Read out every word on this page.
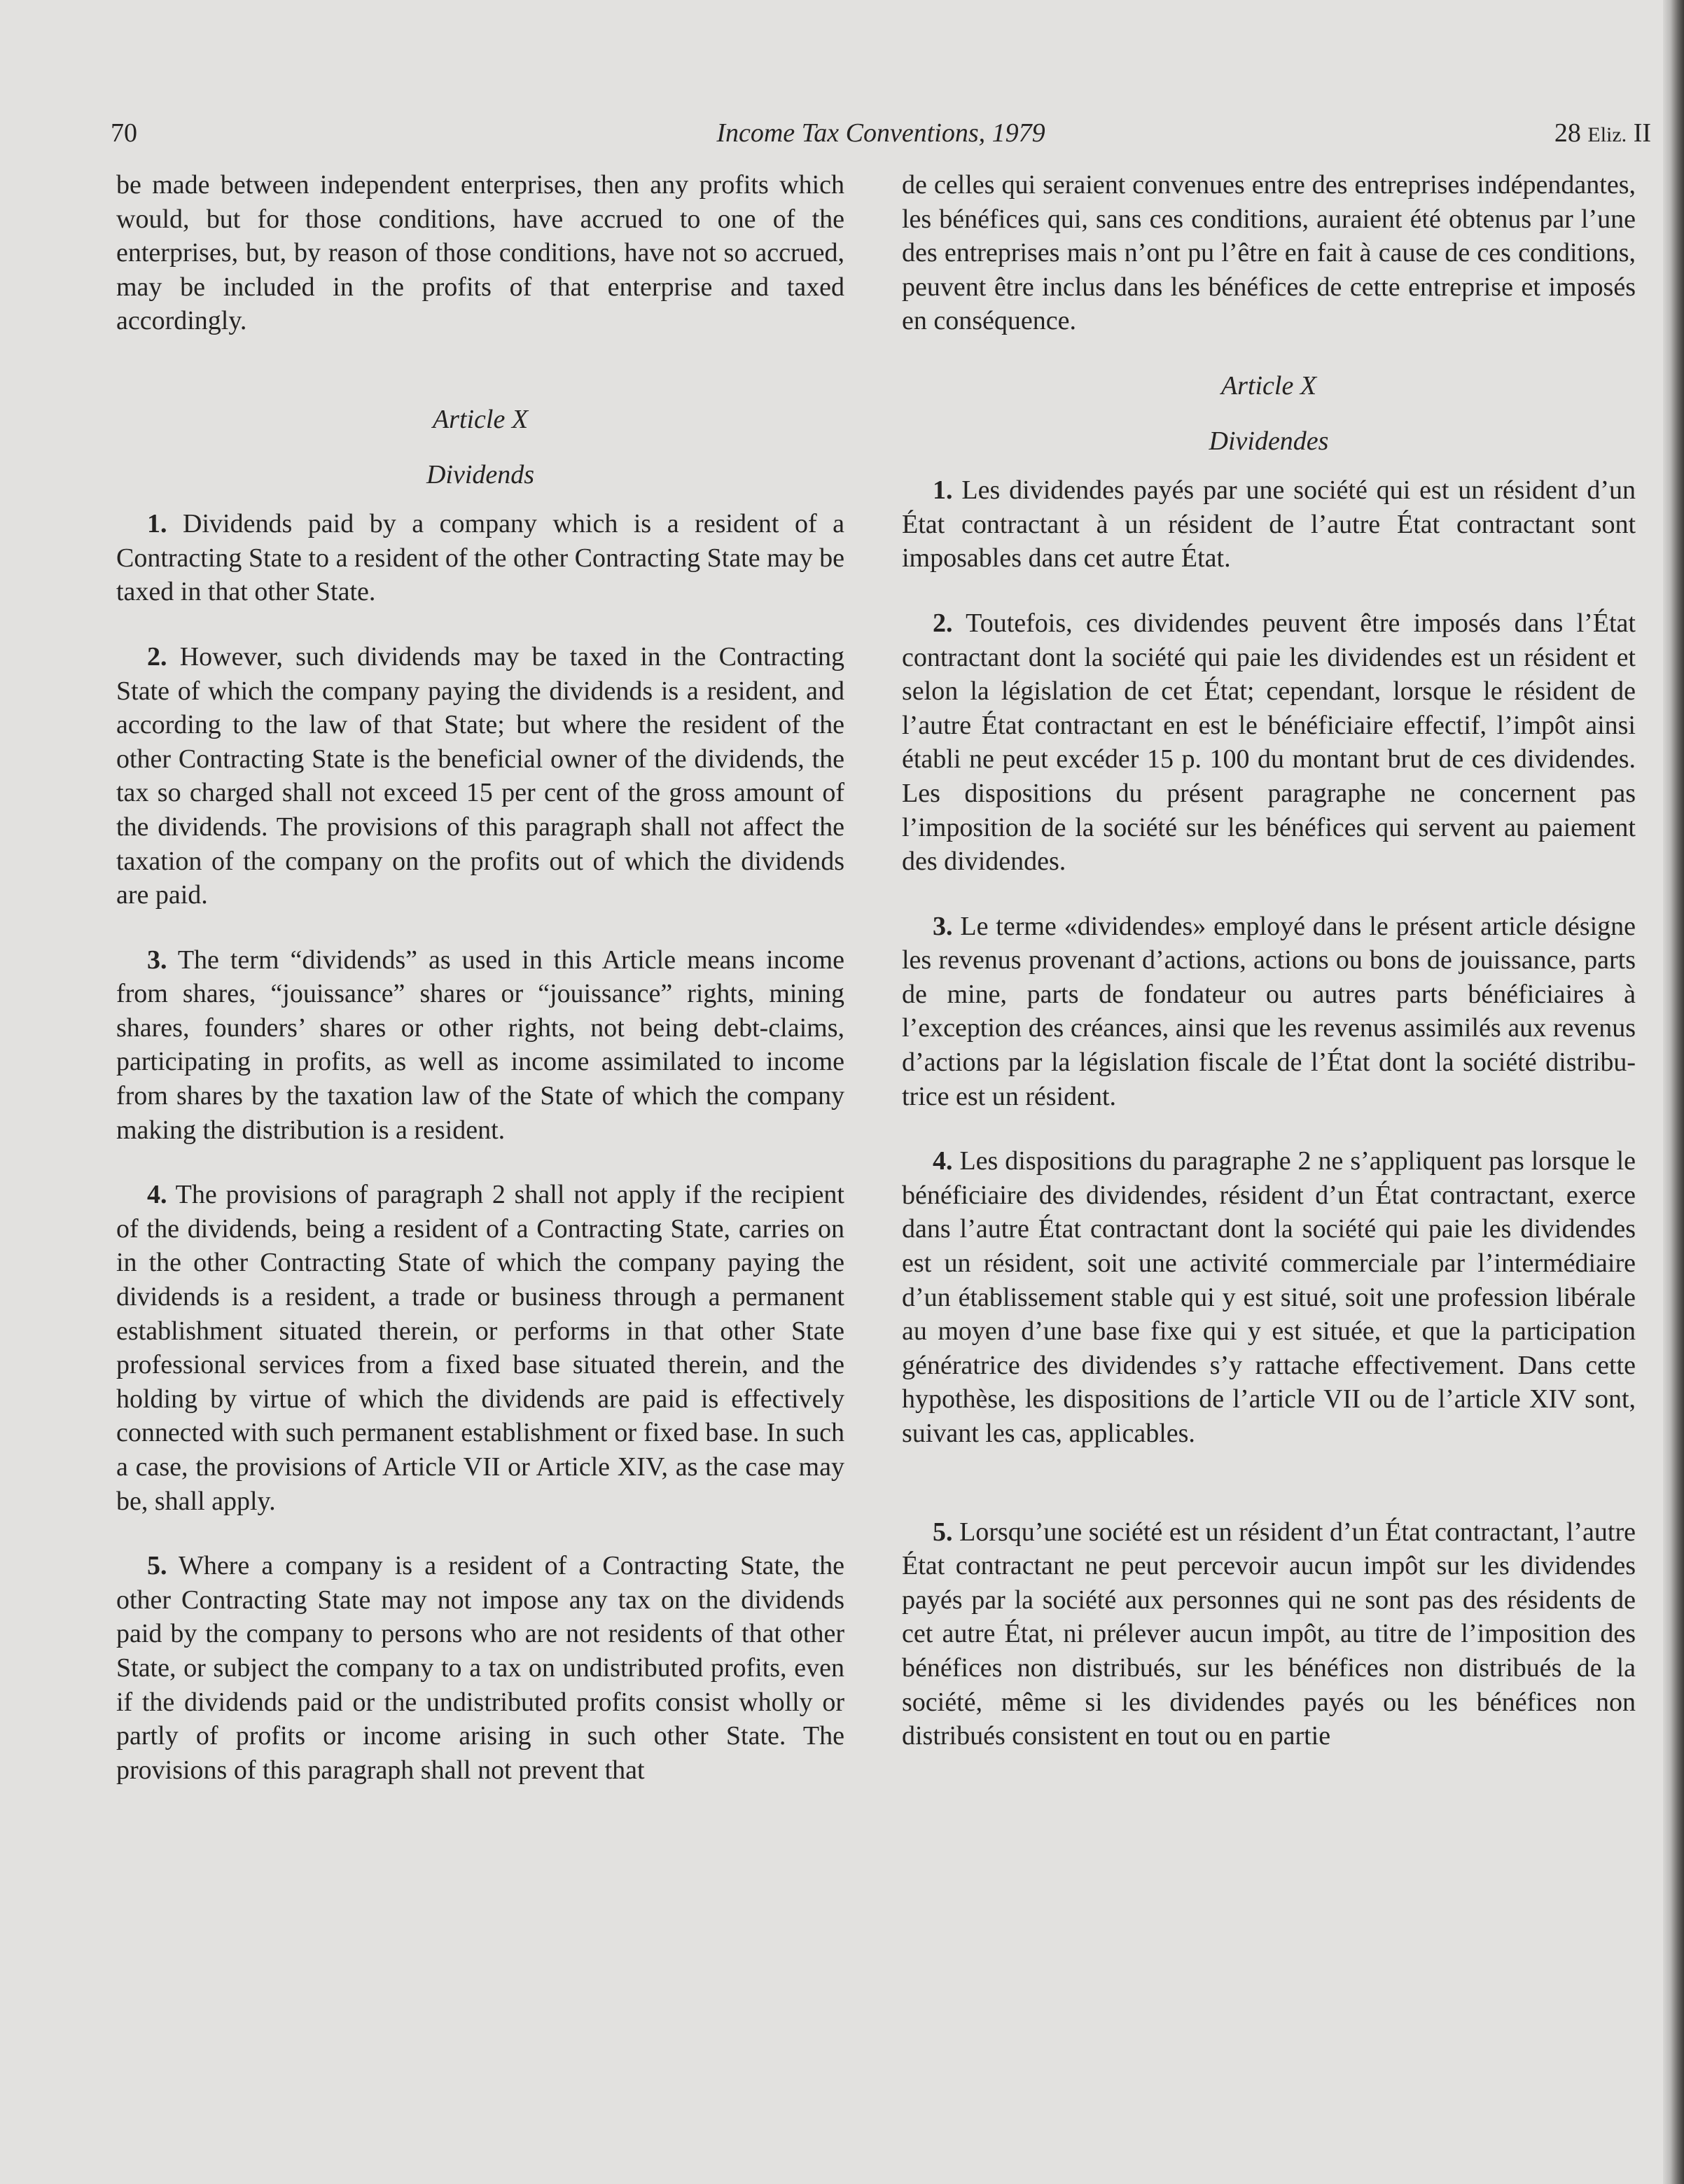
70	Income Tax Conventions, 1979	28 Eliz. II

be made between independent enterprises, then any profits which would, but for those conditions, have accrued to one of the enterprises, but, by reason of those conditions, have not so accrued, may be included in the profits of that enterprise and taxed accordingly.

Article X

Dividends

1. Dividends paid by a company which is a resident of a Contracting State to a resident of the other Contracting State may be taxed in that other State.

2. However, such dividends may be taxed in the Contracting State of which the company paying the dividends is a resident, and according to the law of that State; but where the resident of the other Contracting State is the beneficial owner of the dividends, the tax so charged shall not exceed 15 per cent of the gross amount of the dividends. The provisions of this paragraph shall not affect the taxation of the company on the profits out of which the dividends are paid.

3. The term “dividends” as used in this Article means income from shares, “jouissance” shares or “jouissance” rights, mining shares, founders’ shares or other rights, not being debt-claims, participating in profits, as well as income assimilated to income from shares by the taxation law of the State of which the company making the distribution is a resident.

4. The provisions of paragraph 2 shall not apply if the recipient of the dividends, being a resident of a Contracting State, carries on in the other Contracting State of which the company paying the dividends is a resident, a trade or business through a permanent establishment situated therein, or performs in that other State professional services from a fixed base situated therein, and the holding by virtue of which the dividends are paid is effectively connected with such permanent establishment or fixed base. In such a case, the provisions of Article VII or Article XIV, as the case may be, shall apply.

5. Where a company is a resident of a Contracting State, the other Contracting State may not impose any tax on the dividends paid by the company to persons who are not residents of that other State, or subject the company to a tax on undistributed profits, even if the dividends paid or the undistributed profits consist wholly or partly of profits or income arising in such other State. The provisions of this paragraph shall not prevent that

de celles qui seraient convenues entre des entreprises indépendantes, les bénéfices qui, sans ces conditions, auraient été obtenus par l’une des entreprises mais n’ont pu l’être en fait à cause de ces conditions, peuvent être inclus dans les bénéfices de cette entreprise et imposés en conséquence.

Article X

Dividendes

1. Les dividendes payés par une société qui est un résident d’un État contractant à un résident de l’autre État contractant sont imposables dans cet autre État.

2. Toutefois, ces dividendes peuvent être imposés dans l’État contractant dont la société qui paie les dividendes est un résident et selon la législation de cet État; cependant, lorsque le résident de l’autre État contractant en est le bénéficiaire effectif, l’impôt ainsi établi ne peut excéder 15 p. 100 du montant brut de ces dividendes. Les dispositions du présent paragraphe ne concernent pas l’imposition de la société sur les bénéfices qui servent au paiement des dividendes.

3. Le terme «dividendes» employé dans le présent article désigne les revenus provenant d’actions, actions ou bons de jouissance, parts de mine, parts de fondateur ou autres parts bénéficiaires à l’exception des créances, ainsi que les revenus assimilés aux revenus d’actions par la législation fiscale de l’État dont la société distributrice est un résident.

4. Les dispositions du paragraphe 2 ne s’appliquent pas lorsque le bénéficiaire des dividendes, résident d’un État contractant, exerce dans l’autre État contractant dont la société qui paie les dividendes est un résident, soit une activité commerciale par l’intermédiaire d’un établissement stable qui y est situé, soit une profession libérale au moyen d’une base fixe qui y est située, et que la participation génératrice des dividendes s’y rattache effectivement. Dans cette hypothèse, les dispositions de l’article VII ou de l’article XIV sont, suivant les cas, applicables.

5. Lorsqu’une société est un résident d’un État contractant, l’autre État contractant ne peut percevoir aucun impôt sur les dividendes payés par la société aux personnes qui ne sont pas des résidents de cet autre État, ni prélever aucun impôt, au titre de l’imposition des bénéfices non distribués, sur les bénéfices non distribués de la société, même si les dividendes payés ou les bénéfices non distribués consistent en tout ou en partie
